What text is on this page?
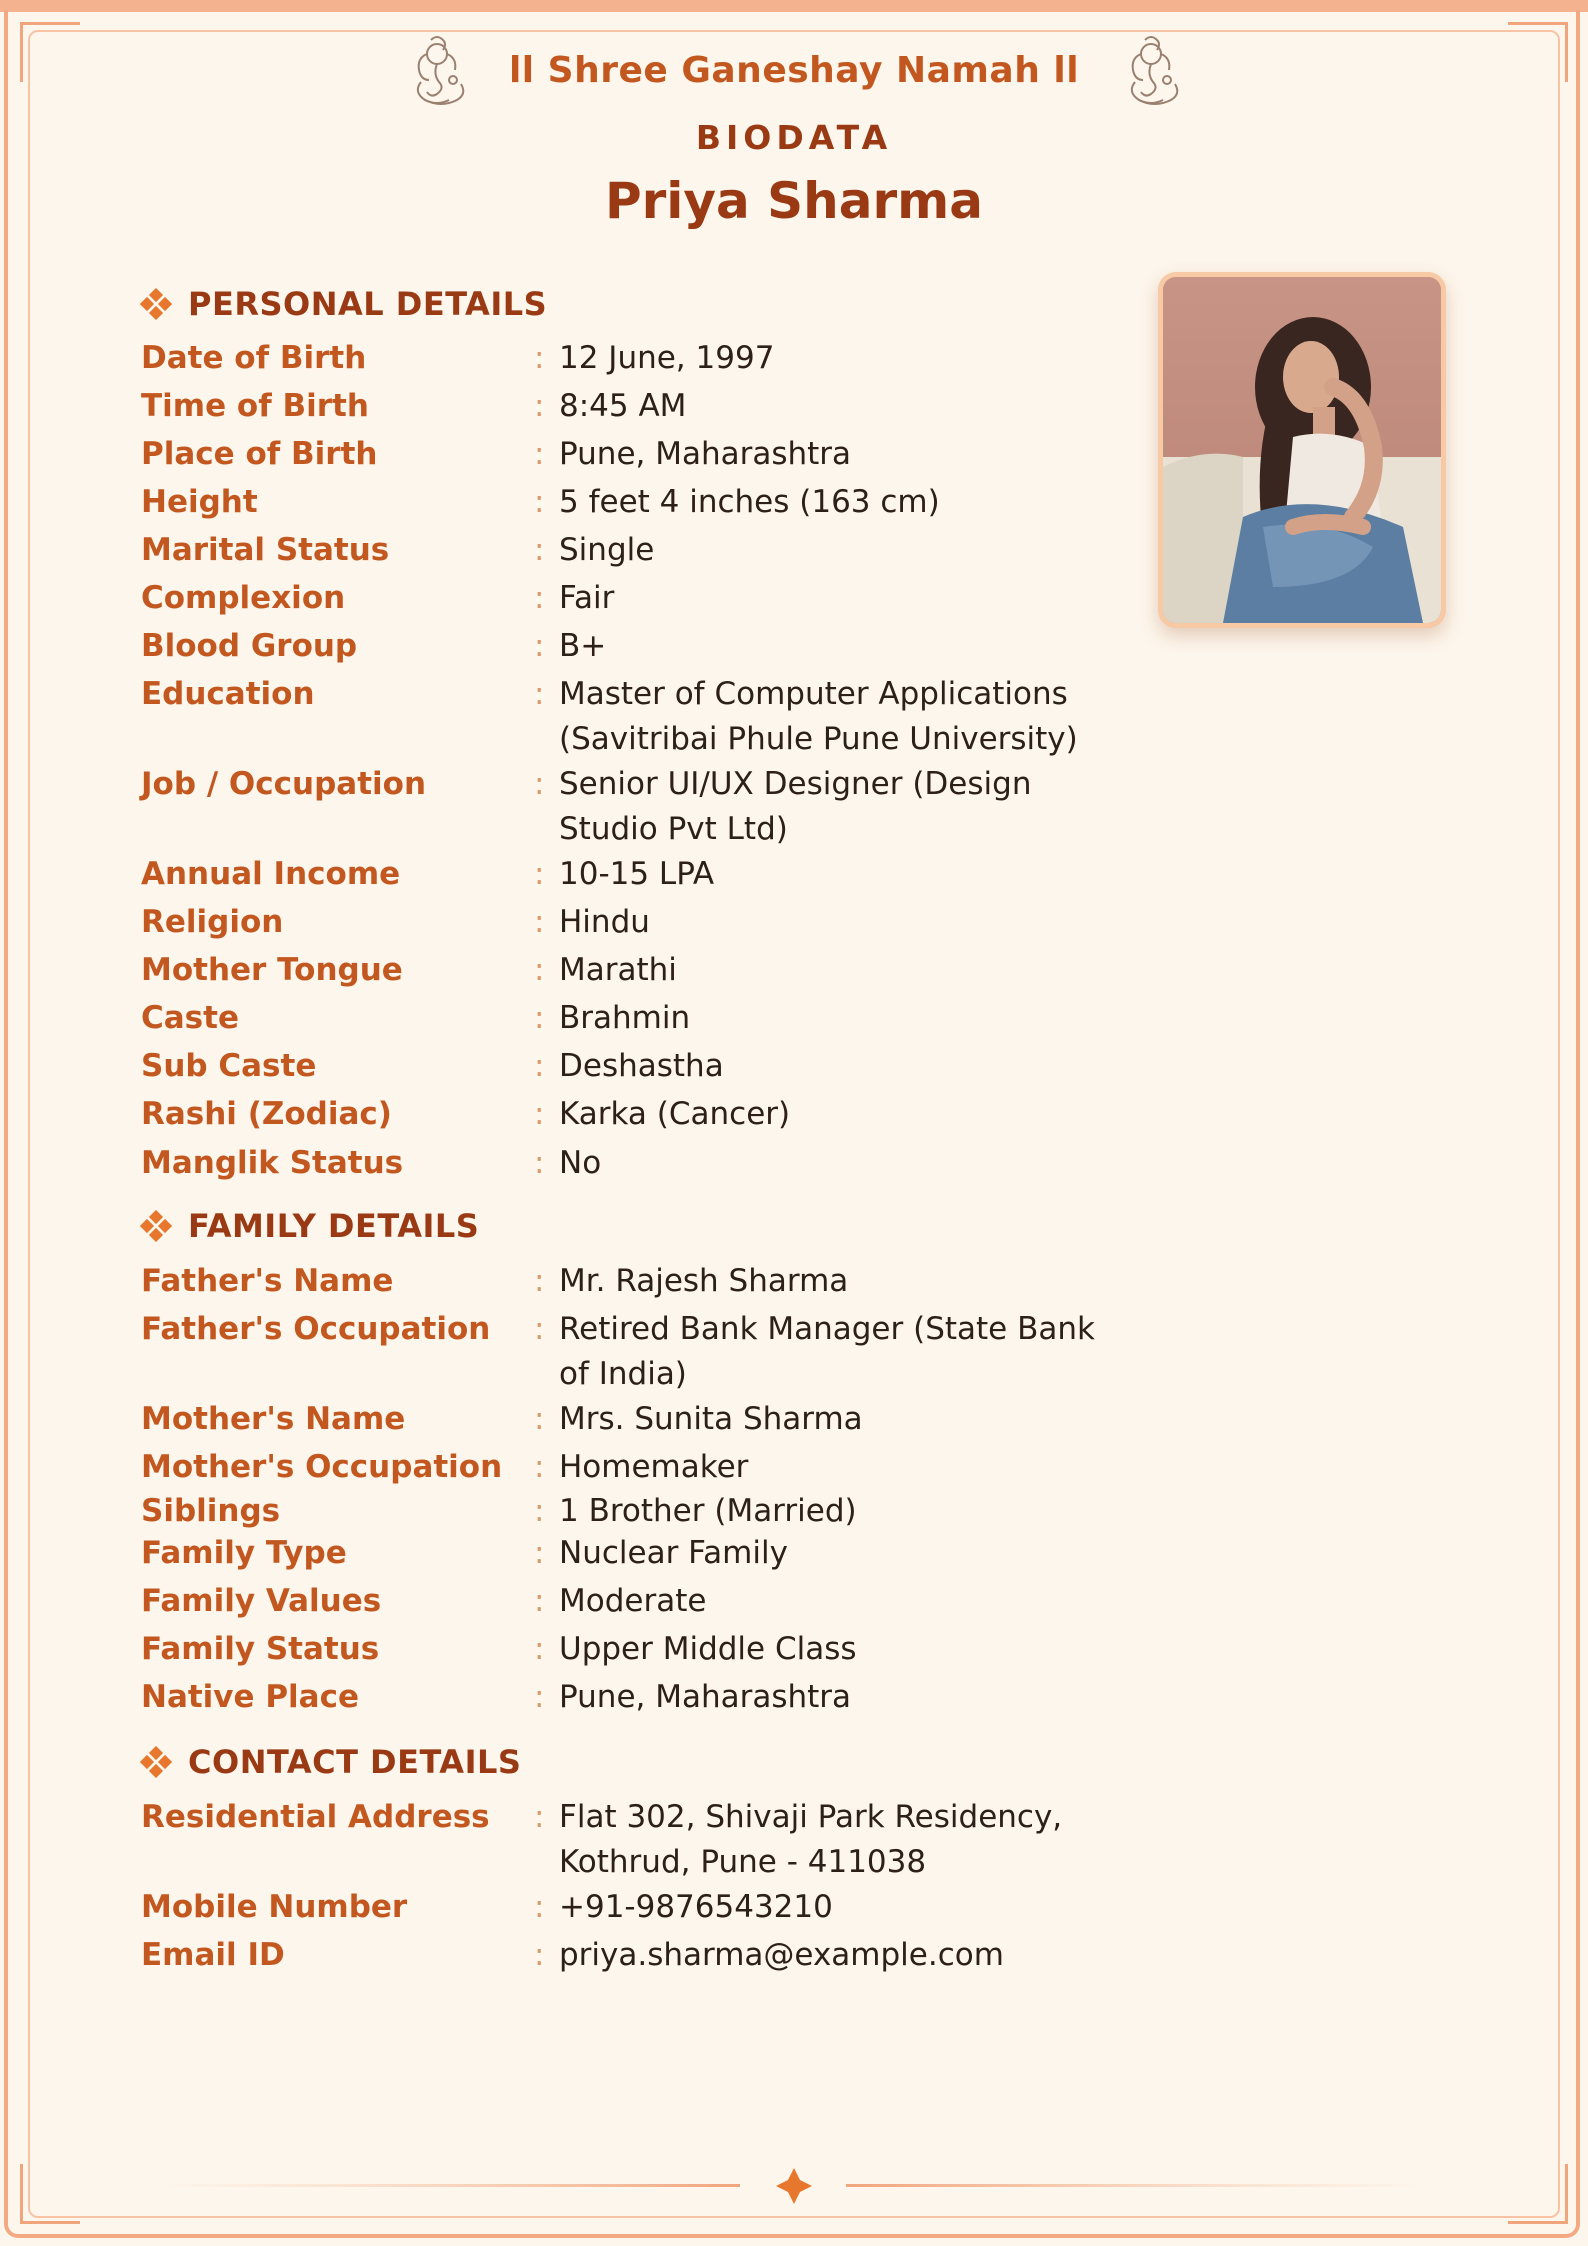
ll Shree Ganeshay Namah ll
BIODATA
Priya Sharma
PERSONAL DETAILS
Date of Birth	: 12 June, 1997
Time of Birth	: 8:45 AM
Place of Birth	: Pune, Maharashtra
Height	: 5 feet 4 inches (163 cm)
Marital Status	: Single
Complexion	: Fair
Blood Group	: B+
Education	: Master of Computer Applications
(Savitribai Phule Pune University)
Job / Occupation	: Senior UI/UX Designer (Design
Studio Pvt Ltd)
Annual Income	: 10-15 LPA
Religion	: Hindu
Mother Tongue	: Marathi
Caste	: Brahmin
Sub Caste	: Deshastha
Rashi (Zodiac)	: Karka (Cancer)
Manglik Status	: No
FAMILY DETAILS
Father's Name	: Mr. Rajesh Sharma
Father's Occupation	: Retired Bank Manager (State Bank
of India)
Mother's Name	: Mrs. Sunita Sharma
Mother's Occupation	: Homemaker
Siblings	: 1 Brother (Married)
Family Type	: Nuclear Family
Family Values	: Moderate
Family Status	: Upper Middle Class
Native Place	: Pune, Maharashtra
CONTACT DETAILS
Residential Address	: Flat 302, Shivaji Park Residency,
Kothrud, Pune - 411038
Mobile Number	: +91-9876543210
Email ID	: priya.sharma@example.com
